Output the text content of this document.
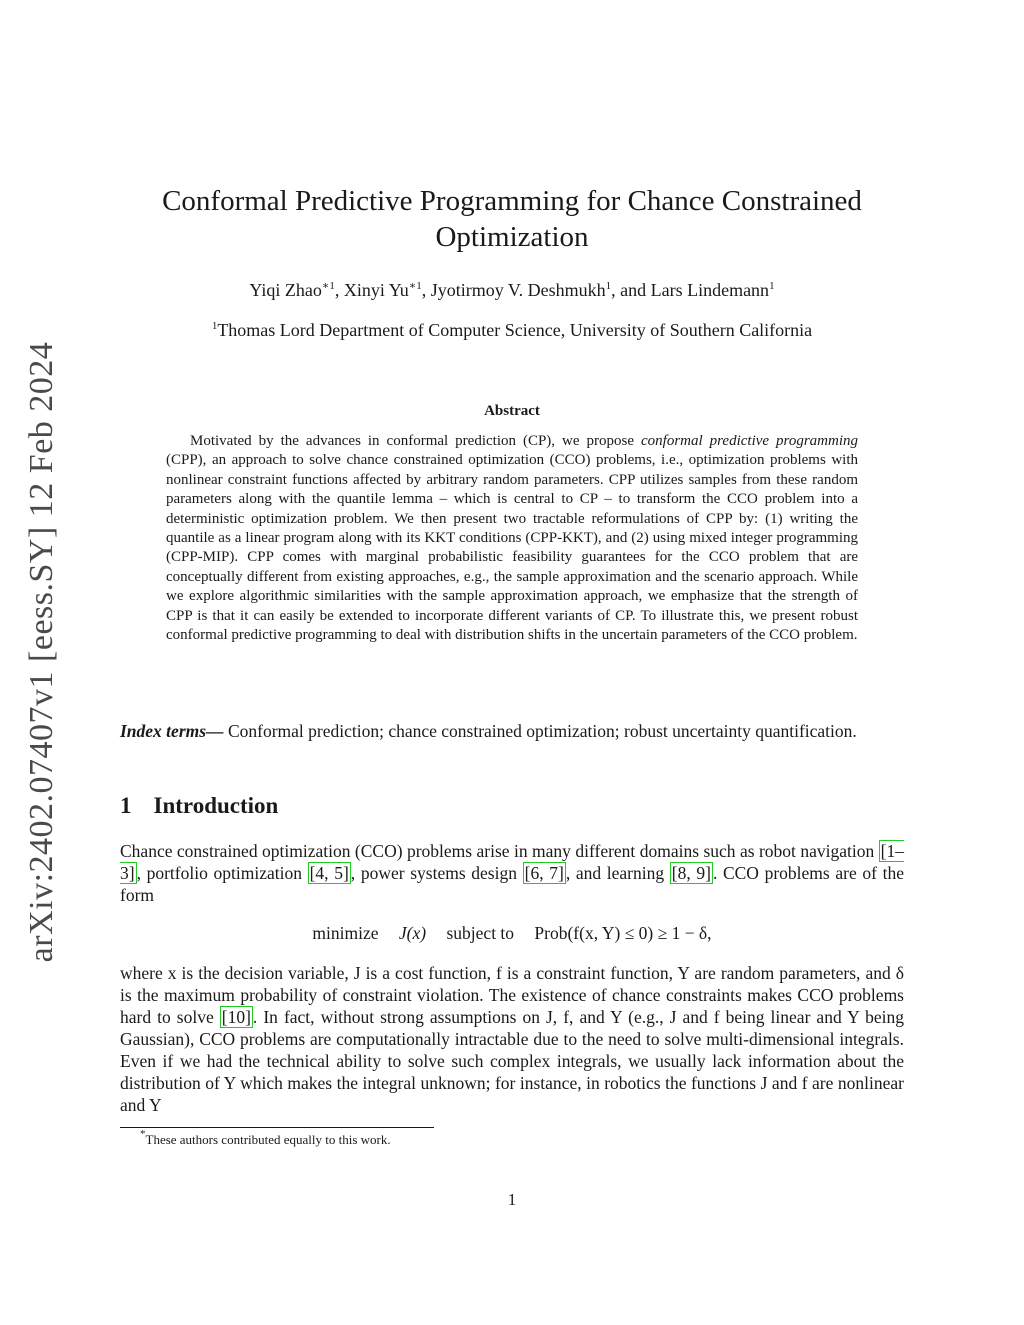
arXiv:2402.07407v1 [eess.SY] 12 Feb 2024
Conformal Predictive Programming for Chance Constrained Optimization
Yiqi Zhao$^{∗1}$, Xinyi $Yu^{∗1}$, Jyotirmoy V. Deshmukh$^1$, and Lars Lindemann$^1$
$^1$Thomas Lord Department of Computer Science, University of Southern California
Abstract
Motivated by the advances in conformal prediction (CP), we propose conformal predictive programming (CPP), an approach to solve chance constrained optimization (CCO) problems, i.e., optimization problems with nonlinear constraint functions affected by arbitrary random parameters. CPP utilizes samples from these random parameters along with the quantile lemma – which is central to CP – to transform the CCO problem into a deterministic optimization problem. We then present two tractable reformulations of CPP by: (1) writing the quantile as a linear program along with its KKT conditions (CPP-KKT), and (2) using mixed integer programming (CPP-MIP). CPP comes with marginal probabilistic feasibility guarantees for the CCO problem that are conceptually different from existing approaches, e.g., the sample approximation and the scenario approach. While we explore algorithmic similarities with the sample approximation approach, we emphasize that the strength of CPP is that it can easily be extended to incorporate different variants of CP. To illustrate this, we present robust conformal predictive programming to deal with distribution shifts in the uncertain parameters of the CCO problem.
Index terms— Conformal prediction; chance constrained optimization; robust uncertainty quantification.
1 Introduction
Chance constrained optimization (CCO) problems arise in many different domains such as robot navigation [1–3] , portfolio optimization [4, 5] , power systems design [6, 7] , and learning [8, 9] . CCO problems are of the form
minimize J(x) subject to Prob(f(x, Y) ≤ 0) ≥ 1 − δ,
where x is the decision variable, J is a cost function, f is a constraint function, Y are random parameters, and δ is the maximum probability of constraint violation. The existence of chance constraints makes CCO problems hard to solve [10] . In fact, without strong assumptions on J, f, and Y (e.g., J and f being linear and Y being Gaussian), CCO problems are computationally intractable due to the need to solve multi-dimensional integrals. Even if we had the technical ability to solve such complex integrals, we usually lack information about the distribution of Y which makes the integral unknown; for instance, in robotics the functions J and f are nonlinear and Y
*These authors contributed equally to this work.
1
